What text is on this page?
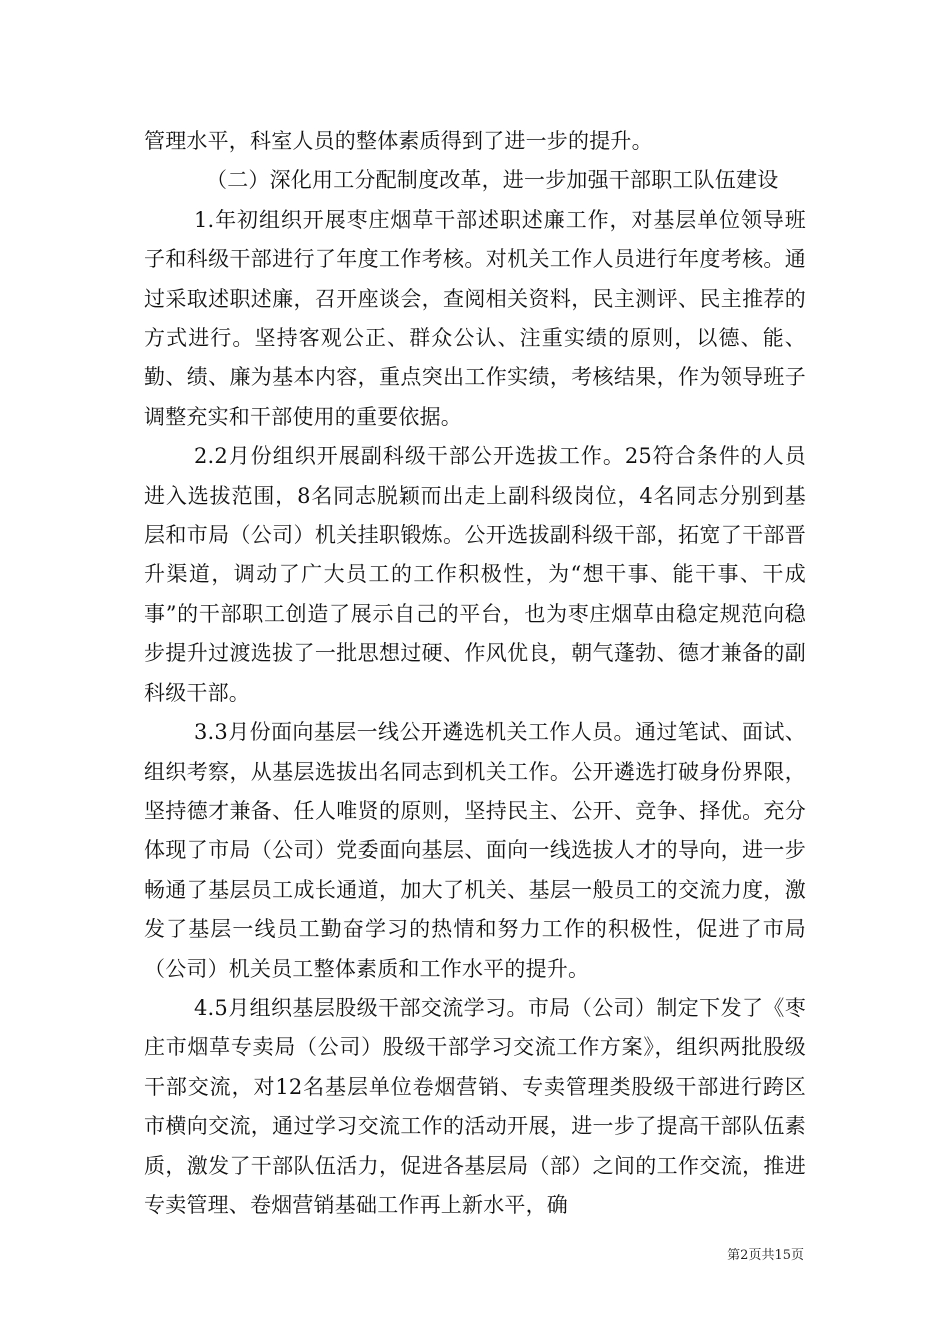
管理水平，科室人员的整体素质得到了进一步的提升。

（二）深化用工分配制度改革，进一步加强干部职工队伍建设

1.年初组织开展枣庄烟草干部述职述廉工作，对基层单位领导班子和科级干部进行了年度工作考核。对机关工作人员进行年度考核。通过采取述职述廉，召开座谈会，查阅相关资料，民主测评、民主推荐的方式进行。坚持客观公正、群众公认、注重实绩的原则，以德、能、勤、绩、廉为基本内容，重点突出工作实绩，考核结果，作为领导班子调整充实和干部使用的重要依据。

2.2月份组织开展副科级干部公开选拔工作。25符合条件的人员进入选拔范围，8名同志脱颖而出走上副科级岗位，4名同志分别到基层和市局（公司）机关挂职锻炼。公开选拔副科级干部，拓宽了干部晋升渠道，调动了广大员工的工作积极性，为“想干事、能干事、干成事”的干部职工创造了展示自己的平台，也为枣庄烟草由稳定规范向稳步提升过渡选拔了一批思想过硬、作风优良，朝气蓬勃、德才兼备的副科级干部。

3.3月份面向基层一线公开遴选机关工作人员。通过笔试、面试、组织考察，从基层选拔出名同志到机关工作。公开遴选打破身份界限，坚持德才兼备、任人唯贤的原则，坚持民主、公开、竞争、择优。充分体现了市局（公司）党委面向基层、面向一线选拔人才的导向，进一步畅通了基层员工成长通道，加大了机关、基层一般员工的交流力度，激发了基层一线员工勤奋学习的热情和努力工作的积极性，促进了市局（公司）机关员工整体素质和工作水平的提升。

4.5月组织基层股级干部交流学习。市局（公司）制定下发了《枣庄市烟草专卖局（公司）股级干部学习交流工作方案》，组织两批股级干部交流，对12名基层单位卷烟营销、专卖管理类股级干部进行跨区市横向交流，通过学习交流工作的活动开展，进一步了提高干部队伍素质，激发了干部队伍活力，促进各基层局（部）之间的工作交流，推进专卖管理、卷烟营销基础工作再上新水平，确

第2页共15页
